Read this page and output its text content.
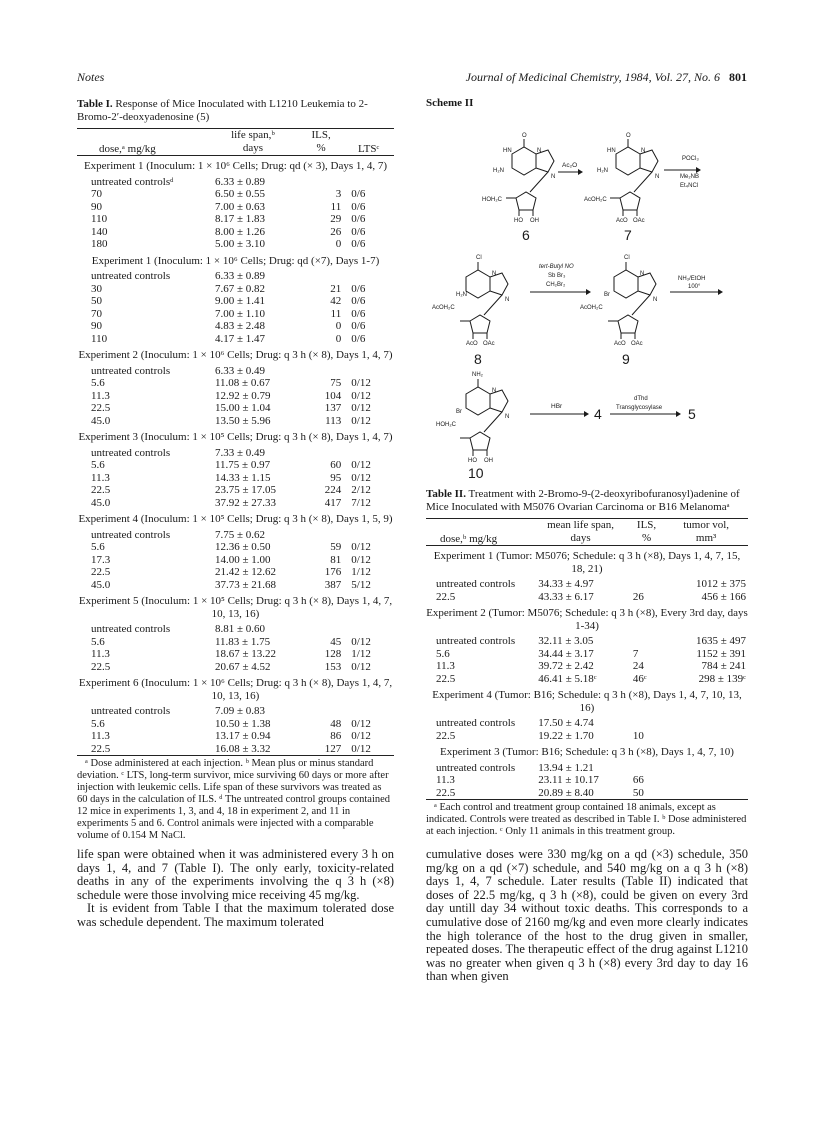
Notes	Journal of Medicinal Chemistry, 1984, Vol. 27, No. 6 801
Table I. Response of Mice Inoculated with L1210 Leukemia to 2-Bromo-2′-deoxyadenosine (5)
dose,ᵃ mg/kg	life span,ᵇ	ILS,	LTSᶜ
	days	%	
Experiment 1 (Inoculum: 1 × 10⁶ Cells; Drug: qd (× 3), Days 1, 4, 7)			
untreated controlsᵈ	6.33 ± 0.89		
70	6.50 ± 0.55	3	0/6
90	7.00 ± 0.63	11	0/6
110	8.17 ± 1.83	29	0/6
140	8.00 ± 1.26	26	0/6
180	5.00 ± 3.10	0	0/6
Experiment 1 (Inoculum: 1 × 10⁶ Cells; Drug: qd (×7), Days 1-7)			
untreated controls	6.33 ± 0.89		
30	7.67 ± 0.82	21	0/6
50	9.00 ± 1.41	42	0/6
70	7.00 ± 1.10	11	0/6
90	4.83 ± 2.48	0	0/6
110	4.17 ± 1.47	0	0/6
Experiment 2 (Inoculum: 1 × 10⁶ Cells; Drug: q 3 h (× 8), Days 1, 4, 7)			
untreated controls	6.33 ± 0.49		
5.6	11.08 ± 0.67	75	0/12
11.3	12.92 ± 0.79	104	0/12
22.5	15.00 ± 1.04	137	0/12
45.0	13.50 ± 5.96	113	0/12
Experiment 3 (Inoculum: 1 × 10⁵ Cells; Drug: q 3 h (× 8), Days 1, 4, 7)			
untreated controls	7.33 ± 0.49		
5.6	11.75 ± 0.97	60	0/12
11.3	14.33 ± 1.15	95	0/12
22.5	23.75 ± 17.05	224	2/12
45.0	37.92 ± 27.33	417	7/12
Experiment 4 (Inoculum: 1 × 10⁵ Cells; Drug: q 3 h (× 8), Days 1, 5, 9)			
untreated controls	7.75 ± 0.62		
5.6	12.36 ± 0.50	59	0/12
17.3	14.00 ± 1.00	81	0/12
22.5	21.42 ± 12.62	176	1/12
45.0	37.73 ± 21.68	387	5/12
Experiment 5 (Inoculum: 1 × 10⁵ Cells; Drug: q 3 h (× 8), Days 1, 4, 7, 10, 13, 16)			
untreated controls	8.81 ± 0.60		
5.6	11.83 ± 1.75	45	0/12
11.3	18.67 ± 13.22	128	1/12
22.5	20.67 ± 4.52	153	0/12
Experiment 6 (Inoculum: 1 × 10⁶ Cells; Drug: q 3 h (× 8), Days 1, 4, 7, 10, 13, 16)			
untreated controls	7.09 ± 0.83		
5.6	10.50 ± 1.38	48	0/12
11.3	13.17 ± 0.94	86	0/12
22.5	16.08 ± 3.32	127	0/12
ᵃ Dose administered at each injection. ᵇ Mean plus or minus standard deviation. ᶜ LTS, long-term survivor, mice surviving 60 days or more after injection with leukemic cells. Life span of these survivors was treated as 60 days in the calculation of ILS. ᵈ The untreated control groups contained 12 mice in experiments 1, 3, and 4, 18 in experiment 2, and 11 in experiments 5 and 6. Control animals were injected with a comparable volume of 0.154 M NaCl.

life span were obtained when it was administered every 3 h on days 1, 4, and 7 (Table I). The only early, toxicity-related deaths in any of the experiments involving the q 3 h (×8) schedule were those involving mice receiving 45 mg/kg.

It is evident from Table I that the maximum tolerated dose was schedule dependent. The maximum tolerated

Scheme II
O
HN
H₂N
N
N
HOH₂C
HO OH
6
Ac₂O
O
HN
H₂N
N
N
AcOH₂C
AcO OAc
7
POCl₃
Me₂NB
Et₄NCl
Cl
H₂N
N
N
AcOH₂C
AcO OAc
8
tert-Butyl NO
Sb Br₃
CH₂Br₂
Cl
Br
N
N
AcOH₂C
AcO OAc
9
NH₃/EtOH
100°
NH₂
Br
N
N
HOH₂C
HO OH
10
HBr 4
dThd
Transglycosylase 5
Table II. Treatment with 2-Bromo-9-(2-deoxyribofuranosyl)adenine of Mice Inoculated with M5076 Ovarian Carcinoma or B16 Melanomaᵃ
dose,ᵇ mg/kg	mean life span,	ILS,	tumor vol,
	days	%	mm³
Experiment 1 (Tumor: M5076; Schedule: q 3 h (×8), Days 1, 4, 7, 15, 18, 21)			
untreated controls	34.33 ± 4.97		1012 ± 375
22.5	43.33 ± 6.17	26	456 ± 166
Experiment 2 (Tumor: M5076; Schedule: q 3 h (×8), Every 3rd day, days 1-34)			
untreated controls	32.11 ± 3.05		1635 ± 497
5.6	34.44 ± 3.17	7	1152 ± 391
11.3	39.72 ± 2.42	24	784 ± 241
22.5	46.41 ± 5.18ᶜ	46ᶜ	298 ± 139ᶜ
Experiment 4 (Tumor: B16; Schedule: q 3 h (×8), Days 1, 4, 7, 10, 13, 16)			
untreated controls	17.50 ± 4.74		
22.5	19.22 ± 1.70	10	
Experiment 3 (Tumor: B16; Schedule: q 3 h (×8), Days 1, 4, 7, 10)			
untreated controls	13.94 ± 1.21		
11.3	23.11 ± 10.17	66	
22.5	20.89 ± 8.40	50	
ᵃ Each control and treatment group contained 18 animals, except as indicated. Controls were treated as described in Table I. ᵇ Dose administered at each injection. ᶜ Only 11 animals in this treatment group.

cumulative doses were 330 mg/kg on a qd (×3) schedule, 350 mg/kg on a qd (×7) schedule, and 540 mg/kg on a q 3 h (×8) days 1, 4, 7 schedule. Later results (Table II) indicated that doses of 22.5 mg/kg, q 3 h (×8), could be given on every 3rd day untill day 34 without toxic deaths. This corresponds to a cumulative dose of 2160 mg/kg and even more clearly indicates the high tolerance of the host to the drug given in smaller, repeated doses. The therapeutic effect of the drug against L1210 was no greater when given q 3 h (×8) every 3rd day to day 16 than when given
